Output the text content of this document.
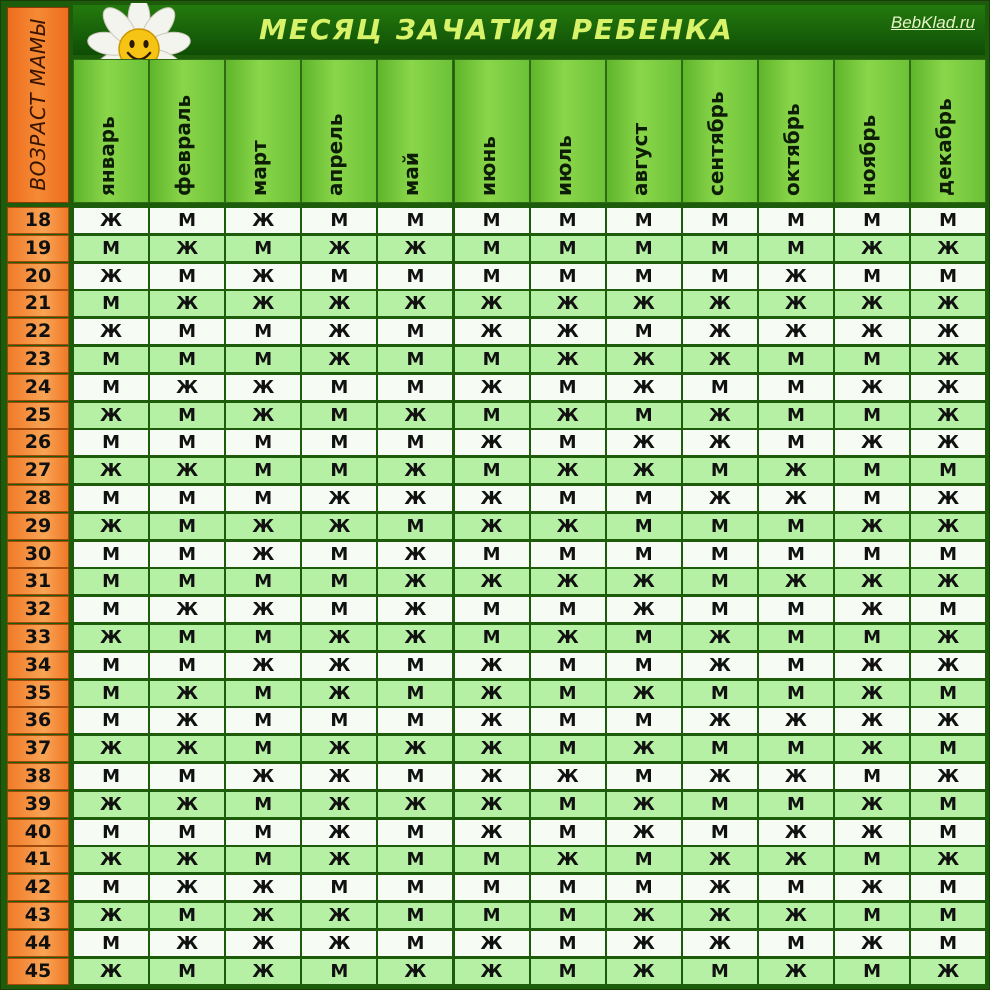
ВОЗРАСТ МАМЫ	МЕСЯЦ ЗАЧАТИЯ РЕБЕНКА	BebKlad.ru
январь	февраль	март	апрель	май	июнь	июль	август	сентябрь	октябрь	ноябрь	декабрь
18	Ж	М	Ж	М	М	М	М	М	М	М	М	М
19	М	Ж	М	Ж	Ж	М	М	М	М	М	Ж	Ж
20	Ж	М	Ж	М	М	М	М	М	М	Ж	М	М
21	М	Ж	Ж	Ж	Ж	Ж	Ж	Ж	Ж	Ж	Ж	Ж
22	Ж	М	М	Ж	М	Ж	Ж	М	Ж	Ж	Ж	Ж
23	М	М	М	Ж	М	М	Ж	Ж	Ж	М	М	Ж
24	М	Ж	Ж	М	М	Ж	М	Ж	М	М	Ж	Ж
25	Ж	М	Ж	М	Ж	М	Ж	М	Ж	М	М	Ж
26	М	М	М	М	М	Ж	М	Ж	Ж	М	Ж	Ж
27	Ж	Ж	М	М	Ж	М	Ж	Ж	М	Ж	М	М
28	М	М	М	Ж	Ж	Ж	М	М	Ж	Ж	М	Ж
29	Ж	М	Ж	Ж	М	Ж	Ж	М	М	М	Ж	Ж
30	М	М	Ж	М	Ж	М	М	М	М	М	М	М
31	М	М	М	М	Ж	Ж	Ж	Ж	М	Ж	Ж	Ж
32	М	Ж	Ж	М	Ж	М	М	Ж	М	М	Ж	М
33	Ж	М	М	Ж	Ж	М	Ж	М	Ж	М	М	Ж
34	М	М	Ж	Ж	М	Ж	М	М	Ж	М	Ж	Ж
35	М	Ж	М	Ж	М	Ж	М	Ж	М	М	Ж	М
36	М	Ж	М	М	М	Ж	М	М	Ж	Ж	Ж	Ж
37	Ж	Ж	М	Ж	Ж	Ж	М	Ж	М	М	Ж	М
38	М	М	Ж	Ж	М	Ж	Ж	М	Ж	Ж	М	Ж
39	Ж	Ж	М	Ж	Ж	Ж	М	Ж	М	М	Ж	М
40	М	М	М	Ж	М	Ж	М	Ж	М	Ж	Ж	М
41	Ж	Ж	М	Ж	М	М	Ж	М	Ж	Ж	М	Ж
42	М	Ж	Ж	М	М	М	М	М	Ж	М	Ж	М
43	Ж	М	Ж	Ж	М	М	М	Ж	Ж	Ж	М	М
44	М	Ж	Ж	Ж	М	Ж	М	Ж	Ж	М	Ж	М
45	Ж	М	Ж	М	Ж	Ж	М	Ж	М	Ж	М	Ж
